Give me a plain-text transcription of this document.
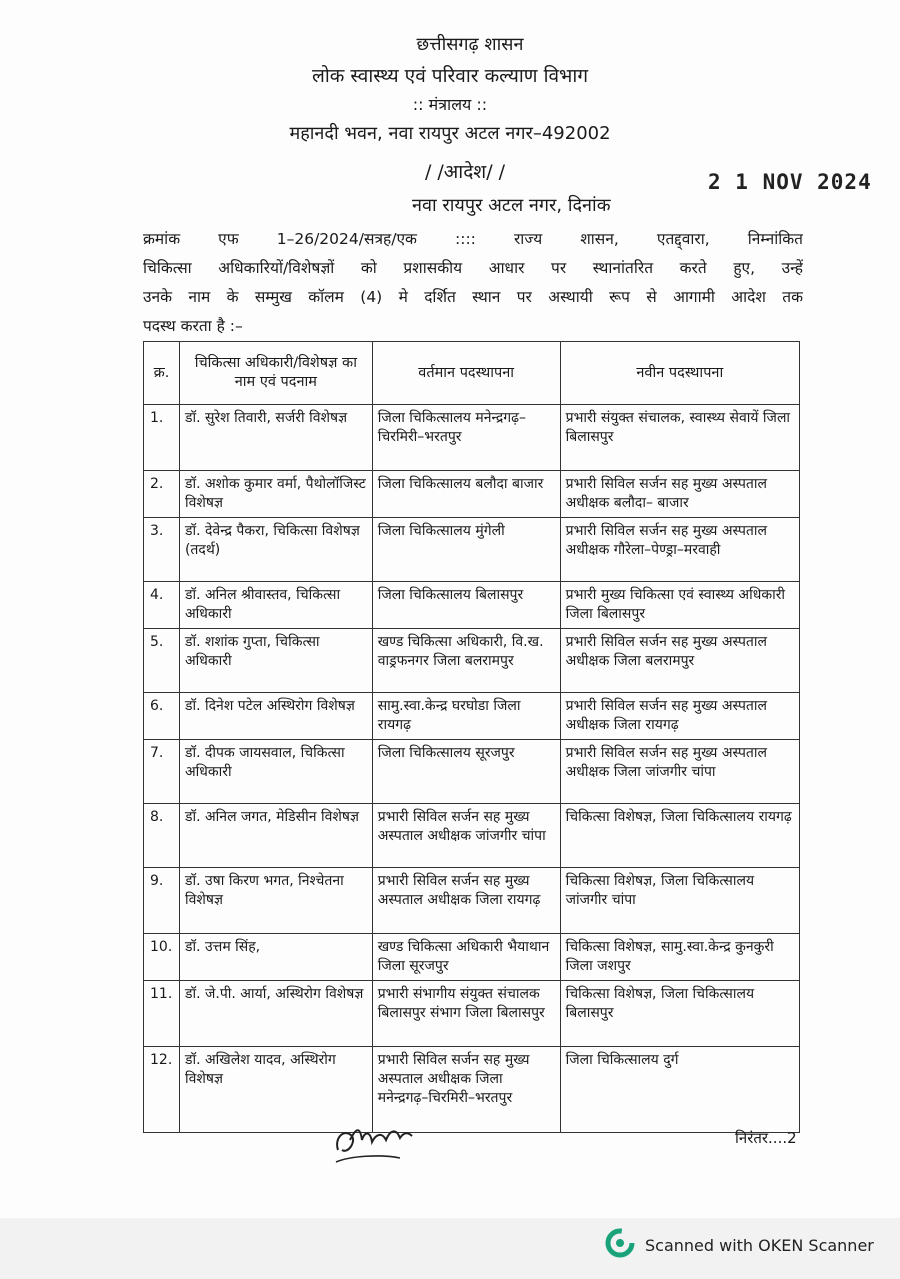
छत्तीसगढ़ शासन
लोक स्वास्थ्य एवं परिवार कल्याण विभाग
:: मंत्रालय ::
महानदी भवन, नवा रायपुर अटल नगर–492002
/ /आदेश/ /
नवा रायपुर अटल नगर, दिनांक
2 1 NOV 2024
क्रमांक एफ 1–26/2024/सत्रह/एक :::: राज्य शासन, एतद्द्वारा, निम्नांकित
चिकित्सा अधिकारियों/विशेषज्ञों को प्रशासकीय आधार पर स्थानांतरित करते हुए, उन्हें
उनके नाम के सम्मुख कॉलम (4) मे दर्शित स्थान पर अस्थायी रूप से आगामी आदेश तक
पदस्थ करता है :–
क्र.	चिकित्सा अधिकारी/विशेषज्ञ का नाम एवं पदनाम	वर्तमान पदस्थापना	नवीन पदस्थापना
1.	डॉ. सुरेश तिवारी, सर्जरी विशेषज्ञ	जिला चिकित्सालय मनेन्द्रगढ़–चिरमिरी–भरतपुर	प्रभारी संयुक्त संचालक, स्वास्थ्य सेवायें जिला बिलासपुर
2.	डॉ. अशोक कुमार वर्मा, पैथोलॉजिस्ट विशेषज्ञ	जिला चिकित्सालय बलौदा बाजार	प्रभारी सिविल सर्जन सह मुख्य अस्पताल अधीक्षक बलौदा– बाजार
3.	डॉ. देवेन्द्र पैकरा, चिकित्सा विशेषज्ञ (तदर्थ)	जिला चिकित्सालय मुंगेली	प्रभारी सिविल सर्जन सह मुख्य अस्पताल अधीक्षक गौरेला–पेण्ड्रा–मरवाही
4.	डॉ. अनिल श्रीवास्तव, चिकित्सा अधिकारी	जिला चिकित्सालय बिलासपुर	प्रभारी मुख्य चिकित्सा एवं स्वास्थ्य अधिकारी जिला बिलासपुर
5.	डॉ. शशांक गुप्ता, चिकित्सा अधिकारी	खण्ड चिकित्सा अधिकारी, वि.ख. वाड्रफनगर जिला बलरामपुर	प्रभारी सिविल सर्जन सह मुख्य अस्पताल अधीक्षक जिला बलरामपुर
6.	डॉ. दिनेश पटेल अस्थिरोग विशेषज्ञ	सामु.स्वा.केन्द्र घरघोडा जिला रायगढ़	प्रभारी सिविल सर्जन सह मुख्य अस्पताल अधीक्षक जिला रायगढ़
7.	डॉ. दीपक जायसवाल, चिकित्सा अधिकारी	जिला चिकित्सालय सूरजपुर	प्रभारी सिविल सर्जन सह मुख्य अस्पताल अधीक्षक जिला जांजगीर चांपा
8.	डॉ. अनिल जगत, मेडिसीन विशेषज्ञ	प्रभारी सिविल सर्जन सह मुख्य अस्पताल अधीक्षक जांजगीर चांपा	चिकित्सा विशेषज्ञ, जिला चिकित्सालय रायगढ़
9.	डॉ. उषा किरण भगत, निश्चेतना विशेषज्ञ	प्रभारी सिविल सर्जन सह मुख्य अस्पताल अधीक्षक जिला रायगढ़	चिकित्सा विशेषज्ञ, जिला चिकित्सालय जांजगीर चांपा
10.	डॉ. उत्तम सिंह,	खण्ड चिकित्सा अधिकारी भैयाथान जिला सूरजपुर	चिकित्सा विशेषज्ञ, सामु.स्वा.केन्द्र कुनकुरी जिला जशपुर
11.	डॉ. जे.पी. आर्या, अस्थिरोग विशेषज्ञ	प्रभारी संभागीय संयुक्त संचालक बिलासपुर संभाग जिला बिलासपुर	चिकित्सा विशेषज्ञ, जिला चिकित्सालय बिलासपुर
12.	डॉ. अखिलेश यादव, अस्थिरोग विशेषज्ञ	प्रभारी सिविल सर्जन सह मुख्य अस्पताल अधीक्षक जिला मनेन्द्रगढ़–चिरमिरी–भरतपुर	जिला चिकित्सालय दुर्ग
निरंतर....2
Scanned with OKEN Scanner
